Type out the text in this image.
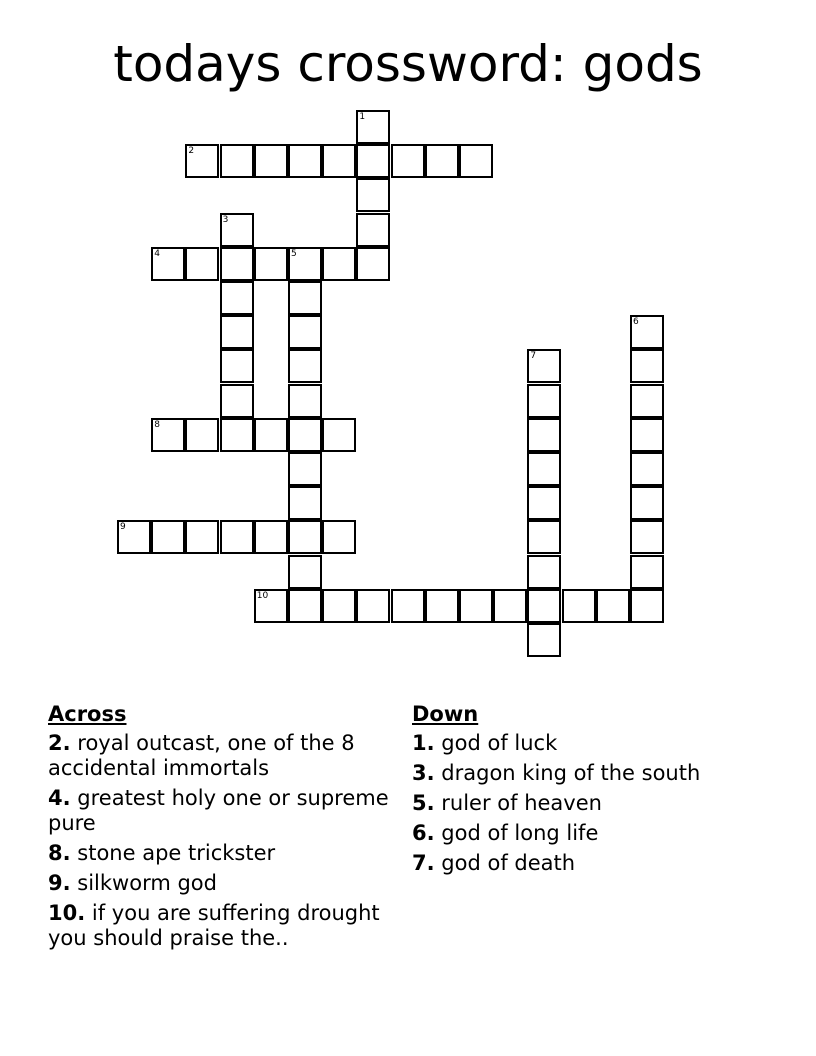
todays crossword: gods
1
2
4	5
3
7
6
8
9
10
Across
2. royal outcast, one of the 8 accidental immortals
4. greatest holy one or supreme pure
8. stone ape trickster
9. silkworm god
10. if you are suffering drought you should praise the..
Down
1. god of luck
3. dragon king of the south
5. ruler of heaven
6. god of long life
7. god of death
